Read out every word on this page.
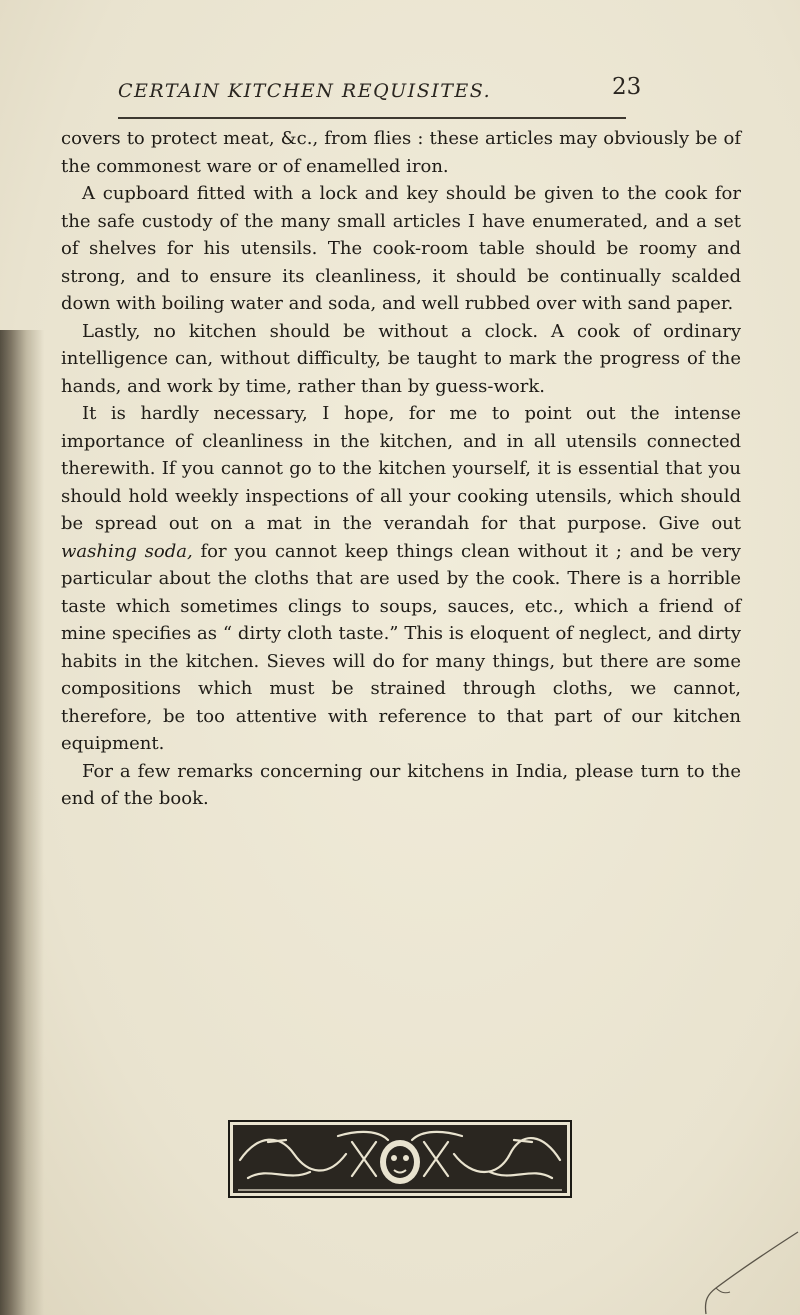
CERTAIN KITCHEN REQUISITES.	23

covers to protect meat, &c., from flies : these articles may obviously be of the commonest ware or of enamelled iron.

A cupboard fitted with a lock and key should be given to the cook for the safe custody of the many small articles I have enumerated, and a set of shelves for his utensils. The cook-room table should be roomy and strong, and to ensure its cleanliness, it should be continually scalded down with boiling water and soda, and well rubbed over with sand paper.

Lastly, no kitchen should be without a clock. A cook of ordinary intelligence can, without difficulty, be taught to mark the progress of the hands, and work by time, rather than by guess-work.

It is hardly necessary, I hope, for me to point out the intense importance of cleanliness in the kitchen, and in all utensils connected therewith. If you cannot go to the kitchen yourself, it is essential that you should hold weekly inspections of all your cooking utensils, which should be spread out on a mat in the verandah for that purpose. Give out washing soda, for you cannot keep things clean without it ; and be very particular about the cloths that are used by the cook. There is a horrible taste which sometimes clings to soups, sauces, etc., which a friend of mine specifies as “ dirty cloth taste.” This is eloquent of neglect, and dirty habits in the kitchen. Sieves will do for many things, but there are some compositions which must be strained through cloths, we cannot, therefore, be too attentive with reference to that part of our kitchen equipment.

For a few remarks concerning our kitchens in India, please turn to the end of the book.
